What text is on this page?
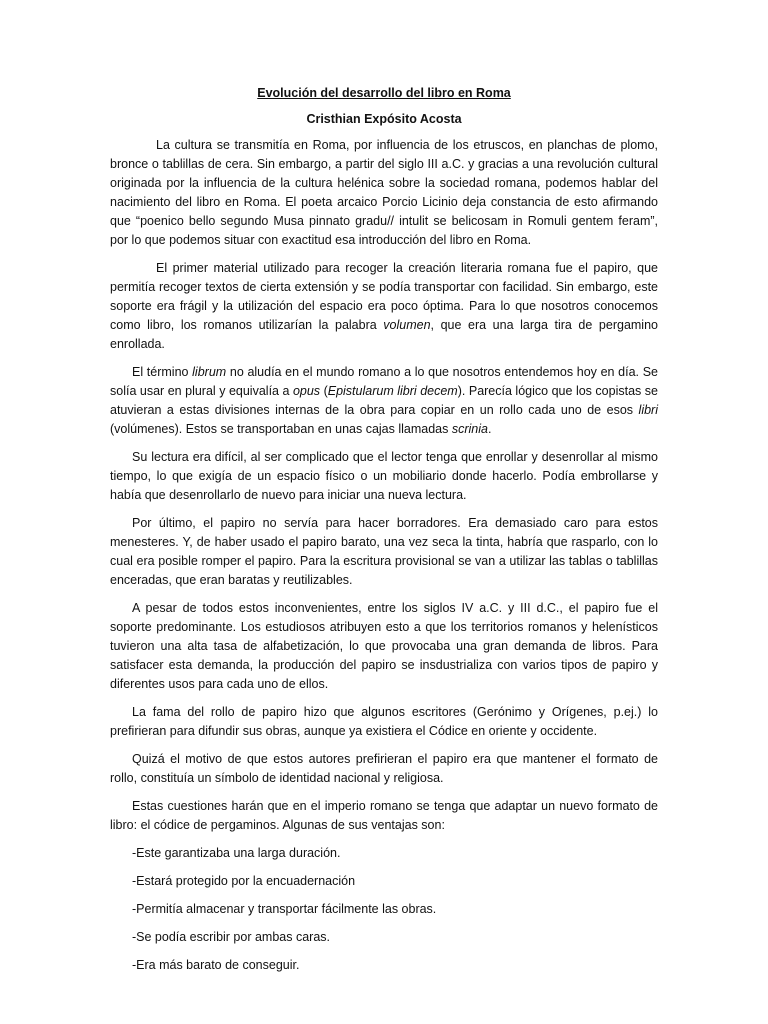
Evolución del desarrollo del libro en Roma
Cristhian Expósito Acosta

La cultura se transmitía en Roma, por influencia de los etruscos, en planchas de plomo, bronce o tablillas de cera. Sin embargo, a partir del siglo III a.C. y gracias a una revolución cultural originada por la influencia de la cultura helénica sobre la sociedad romana, podemos hablar del nacimiento del libro en Roma. El poeta arcaico Porcio Licinio deja constancia de esto afirmando que “poenico bello segundo Musa pinnato gradu// intulit se belicosam in Romuli gentem feram”, por lo que podemos situar con exactitud esa introducción del libro en Roma.

El primer material utilizado para recoger la creación literaria romana fue el papiro, que permitía recoger textos de cierta extensión y se podía transportar con facilidad. Sin embargo, este soporte era frágil y la utilización del espacio era poco óptima. Para lo que nosotros conocemos como libro, los romanos utilizarían la palabra volumen, que era una larga tira de pergamino enrollada.

El término librum no aludía en el mundo romano a lo que nosotros entendemos hoy en día. Se solía usar en plural y equivalía a opus (Epistularum libri decem). Parecía lógico que los copistas se atuvieran a estas divisiones internas de la obra para copiar en un rollo cada uno de esos libri (volúmenes). Estos se transportaban en unas cajas llamadas scrinia.

Su lectura era difícil, al ser complicado que el lector tenga que enrollar y desenrollar al mismo tiempo, lo que exigía de un espacio físico o un mobiliario donde hacerlo. Podía embrollarse y había que desenrollarlo de nuevo para iniciar una nueva lectura.

Por último, el papiro no servía para hacer borradores. Era demasiado caro para estos menesteres. Y, de haber usado el papiro barato, una vez seca la tinta, habría que rasparlo, con lo cual era posible romper el papiro. Para la escritura provisional se van a utilizar las tablas o tablillas enceradas, que eran baratas y reutilizables.

A pesar de todos estos inconvenientes, entre los siglos IV a.C. y III d.C., el papiro fue el soporte predominante. Los estudiosos atribuyen esto a que los territorios romanos y helenísticos tuvieron una alta tasa de alfabetización, lo que provocaba una gran demanda de libros. Para satisfacer esta demanda, la producción del papiro se insdustrializa con varios tipos de papiro y diferentes usos para cada uno de ellos.

La fama del rollo de papiro hizo que algunos escritores (Gerónimo y Orígenes, p.ej.) lo prefirieran para difundir sus obras, aunque ya existiera el Códice en oriente y occidente.

Quizá el motivo de que estos autores prefirieran el papiro era que mantener el formato de rollo, constituía un símbolo de identidad nacional y religiosa.

Estas cuestiones harán que en el imperio romano se tenga que adaptar un nuevo formato de libro: el códice de pergaminos. Algunas de sus ventajas son:

-Este garantizaba una larga duración.
-Estará protegido por la encuadernación
-Permitía almacenar y transportar fácilmente las obras.
-Se podía escribir por ambas caras.
-Era más barato de conseguir.
